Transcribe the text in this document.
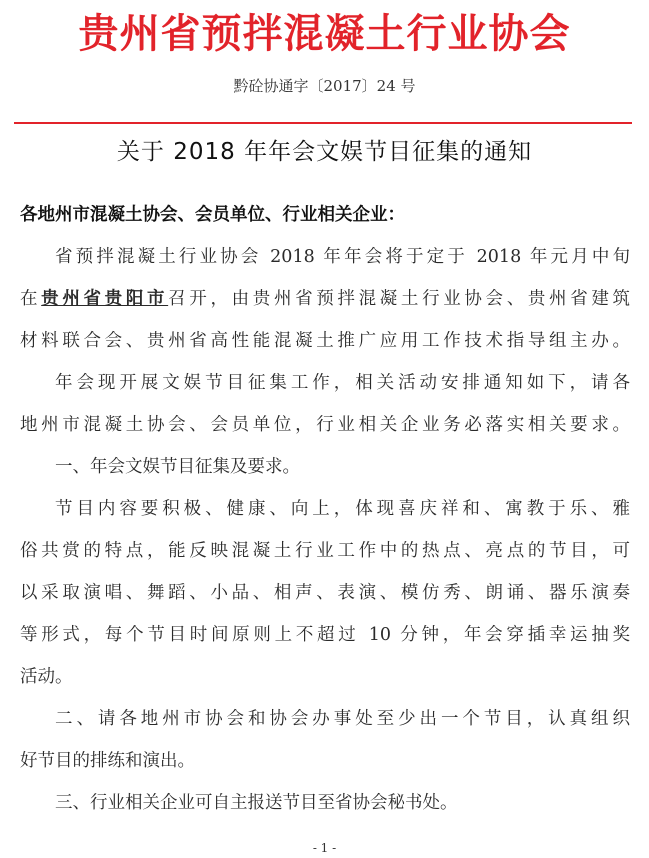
贵州省预拌混凝土行业协会
黔砼协通字〔2017〕24 号
关于 2018 年年会文娱节目征集的通知
各地州市混凝土协会、会员单位、行业相关企业：
省预拌混凝土行业协会 2018 年年会将于定于 2018 年元月中旬
在贵州省贵阳市召开，由贵州省预拌混凝土行业协会、贵州省建筑
材料联合会、贵州省高性能混凝土推广应用工作技术指导组主办。
年会现开展文娱节目征集工作，相关活动安排通知如下，请各
地州市混凝土协会、会员单位，行业相关企业务必落实相关要求。
一、年会文娱节目征集及要求。
节目内容要积极、健康、向上，体现喜庆祥和、寓教于乐、雅
俗共赏的特点，能反映混凝土行业工作中的热点、亮点的节目，可
以采取演唱、舞蹈、小品、相声、表演、模仿秀、朗诵、器乐演奏
等形式，每个节目时间原则上不超过 10 分钟，年会穿插幸运抽奖
活动。
二、请各地州市协会和协会办事处至少出一个节目，认真组织
好节目的排练和演出。
三、行业相关企业可自主报送节目至省协会秘书处。
- 1 -
